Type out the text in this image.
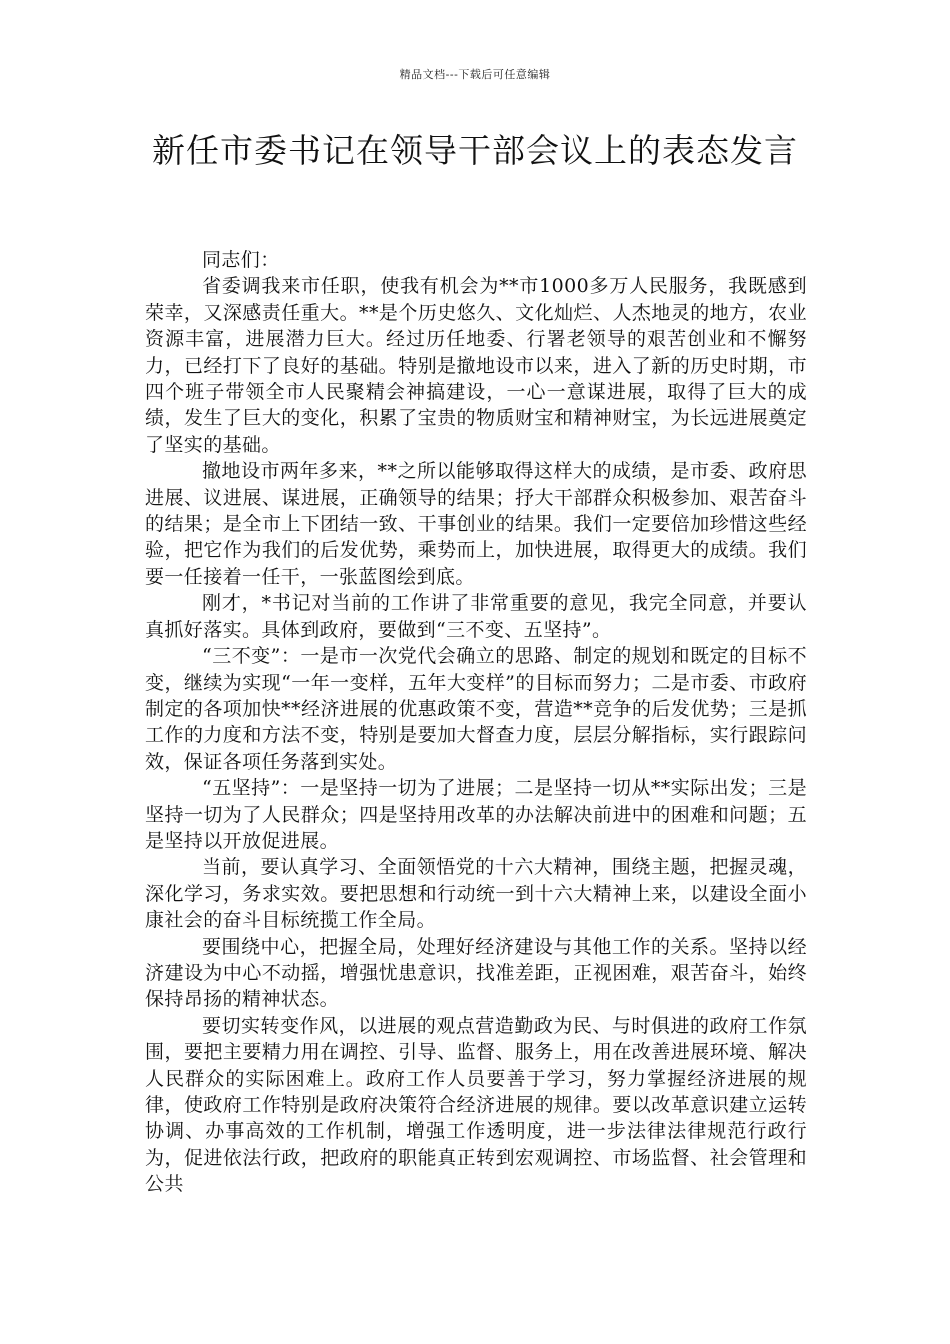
精品文档---下载后可任意编辑
新任市委书记在领导干部会议上的表态发言

同志们：

省委调我来市任职，使我有机会为**市1000多万人民服务，我既感到荣幸，又深感责任重大。**是个历史悠久、文化灿烂、人杰地灵的地方，农业资源丰富，进展潜力巨大。经过历任地委、行署老领导的艰苦创业和不懈努力，已经打下了良好的基础。特别是撤地设市以来，进入了新的历史时期，市四个班子带领全市人民聚精会神搞建设，一心一意谋进展，取得了巨大的成绩，发生了巨大的变化，积累了宝贵的物质财宝和精神财宝，为长远进展奠定了坚实的基础。

撤地设市两年多来，**之所以能够取得这样大的成绩，是市委、政府思进展、议进展、谋进展，正确领导的结果；抒大干部群众积极参加、艰苦奋斗的结果；是全市上下团结一致、干事创业的结果。我们一定要倍加珍惜这些经验，把它作为我们的后发优势，乘势而上，加快进展，取得更大的成绩。我们要一任接着一任干，一张蓝图绘到底。

刚才，*书记对当前的工作讲了非常重要的意见，我完全同意，并要认真抓好落实。具体到政府，要做到“三不变、五坚持”。

“三不变”：一是市一次党代会确立的思路、制定的规划和既定的目标不变，继续为实现“一年一变样，五年大变样”的目标而努力；二是市委、市政府制定的各项加快**经济进展的优惠政策不变，营造**竞争的后发优势；三是抓工作的力度和方法不变，特别是要加大督查力度，层层分解指标，实行跟踪问效，保证各项任务落到实处。

“五坚持”：一是坚持一切为了进展；二是坚持一切从**实际出发；三是坚持一切为了人民群众；四是坚持用改革的办法解决前进中的困难和问题；五是坚持以开放促进展。

当前，要认真学习、全面领悟党的十六大精神，围绕主题，把握灵魂，深化学习，务求实效。要把思想和行动统一到十六大精神上来，以建设全面小康社会的奋斗目标统揽工作全局。

要围绕中心，把握全局，处理好经济建设与其他工作的关系。坚持以经济建设为中心不动摇，增强忧患意识，找准差距，正视困难，艰苦奋斗，始终保持昂扬的精神状态。

要切实转变作风，以进展的观点营造勤政为民、与时俱进的政府工作氛围，要把主要精力用在调控、引导、监督、服务上，用在改善进展环境、解决人民群众的实际困难上。政府工作人员要善于学习，努力掌握经济进展的规律，使政府工作特别是政府决策符合经济进展的规律。要以改革意识建立运转协调、办事高效的工作机制，增强工作透明度，进一步法律法律规范行政行为，促进依法行政，把政府的职能真正转到宏观调控、市场监督、社会管理和公共
